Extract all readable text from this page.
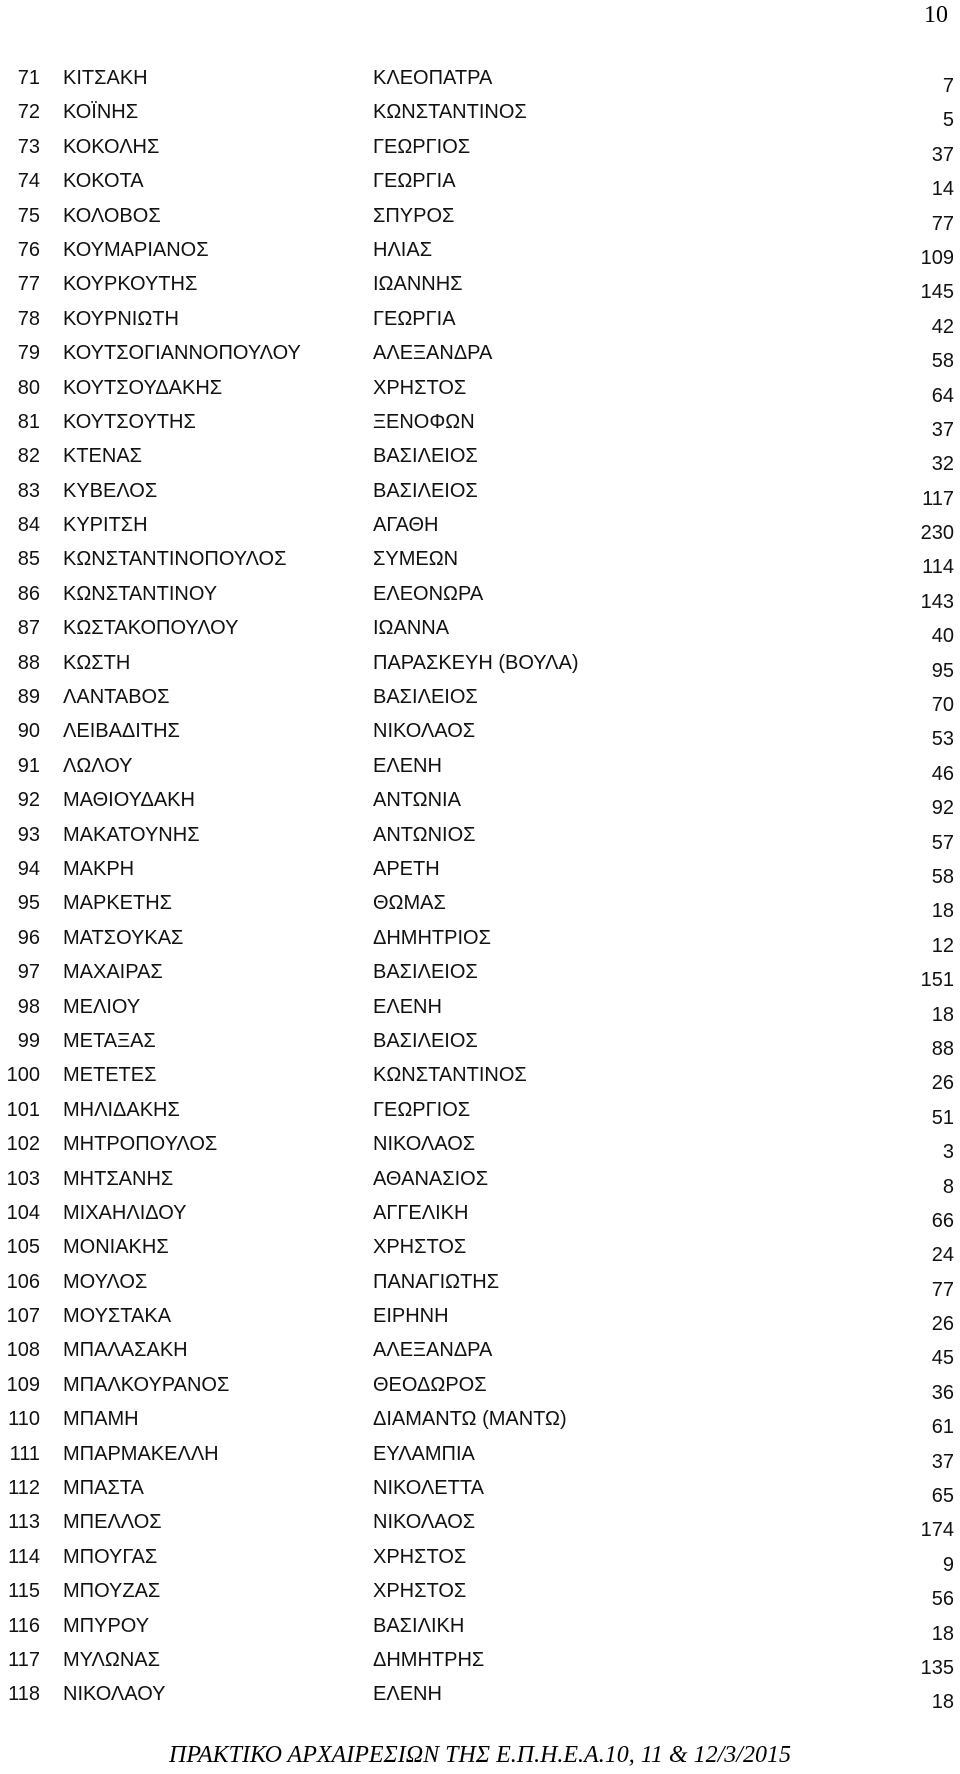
10
71 ΚΙΤΣΑΚΗ	ΚΛΕΟΠΑΤΡΑ	7
72 ΚΟΪΝΗΣ	ΚΩΝΣΤΑΝΤΙΝΟΣ	5
73 ΚΟΚΟΛΗΣ	ΓΕΩΡΓΙΟΣ	37
74 ΚΟΚΟΤΑ	ΓΕΩΡΓΙΑ	14
75 ΚΟΛΟΒΟΣ	ΣΠΥΡΟΣ	77
76 ΚΟΥΜΑΡΙΑΝΟΣ	ΗΛΙΑΣ	109
77 ΚΟΥΡΚΟΥΤΗΣ	ΙΩΑΝΝΗΣ	145
78 ΚΟΥΡΝΙΩΤΗ	ΓΕΩΡΓΙΑ	42
79 ΚΟΥΤΣΟΓΙΑΝΝΟΠΟΥΛΟΥ	ΑΛΕΞΑΝΔΡΑ	58
80 ΚΟΥΤΣΟΥΔΑΚΗΣ	ΧΡΗΣΤΟΣ	64
81 ΚΟΥΤΣΟΥΤΗΣ	ΞΕΝΟΦΩΝ	37
82 ΚΤΕΝΑΣ	ΒΑΣΙΛΕΙΟΣ	32
83 ΚΥΒΕΛΟΣ	ΒΑΣΙΛΕΙΟΣ	117
84 ΚΥΡΙΤΣΗ	ΑΓΑΘΗ	230
85 ΚΩΝΣΤΑΝΤΙΝΟΠΟΥΛΟΣ	ΣΥΜΕΩΝ	114
86 ΚΩΝΣΤΑΝΤΙΝΟΥ	ΕΛΕΟΝΩΡΑ	143
87 ΚΩΣΤΑΚΟΠΟΥΛΟΥ	ΙΩΑΝΝΑ	40
88 ΚΩΣΤΗ	ΠΑΡΑΣΚΕΥΗ (ΒΟΥΛΑ)	95
89 ΛΑΝΤΑΒΟΣ	ΒΑΣΙΛΕΙΟΣ	70
90 ΛΕΙΒΑΔΙΤΗΣ	ΝΙΚΟΛΑΟΣ	53
91 ΛΩΛΟΥ	ΕΛΕΝΗ	46
92 ΜΑΘΙΟΥΔΑΚΗ	ΑΝΤΩΝΙΑ	92
93 ΜΑΚΑΤΟΥΝΗΣ	ΑΝΤΩΝΙΟΣ	57
94 ΜΑΚΡΗ	ΑΡΕΤΗ	58
95 ΜΑΡΚΕΤΗΣ	ΘΩΜΑΣ	18
96 ΜΑΤΣΟΥΚΑΣ	ΔΗΜΗΤΡΙΟΣ	12
97 ΜΑΧΑΙΡΑΣ	ΒΑΣΙΛΕΙΟΣ	151
98 ΜΕΛΙΟΥ	ΕΛΕΝΗ	18
99 ΜΕΤΑΞΑΣ	ΒΑΣΙΛΕΙΟΣ	88
100 ΜΕΤΕΤΕΣ	ΚΩΝΣΤΑΝΤΙΝΟΣ	26
101 ΜΗΛΙΔΑΚΗΣ	ΓΕΩΡΓΙΟΣ	51
102 ΜΗΤΡΟΠΟΥΛΟΣ	ΝΙΚΟΛΑΟΣ	3
103 ΜΗΤΣΑΝΗΣ	ΑΘΑΝΑΣΙΟΣ	8
104 ΜΙΧΑΗΛΙΔΟΥ	ΑΓΓΕΛΙΚΗ	66
105 ΜΟΝΙΑΚΗΣ	ΧΡΗΣΤΟΣ	24
106 ΜΟΥΛΟΣ	ΠΑΝΑΓΙΩΤΗΣ	77
107 ΜΟΥΣΤΑΚΑ	ΕΙΡΗΝΗ	26
108 ΜΠΑΛΑΣΑΚΗ	ΑΛΕΞΑΝΔΡΑ	45
109 ΜΠΑΛΚΟΥΡΑΝΟΣ	ΘΕΟΔΩΡΟΣ	36
110 ΜΠΑΜΗ	ΔΙΑΜΑΝΤΩ (ΜΑΝΤΩ)	61
111 ΜΠΑΡΜΑΚΕΛΛΗ	ΕΥΛΑΜΠΙΑ	37
112 ΜΠΑΣΤΑ	ΝΙΚΟΛΕΤΤΑ	65
113 ΜΠΕΛΛΟΣ	ΝΙΚΟΛΑΟΣ	174
114 ΜΠΟΥΓΑΣ	ΧΡΗΣΤΟΣ	9
115 ΜΠΟΥΖΑΣ	ΧΡΗΣΤΟΣ	56
116 ΜΠΥΡΟΥ	ΒΑΣΙΛΙΚΗ	18
117 ΜΥΛΩΝΑΣ	ΔΗΜΗΤΡΗΣ	135
118 ΝΙΚΟΛΑΟΥ	ΕΛΕΝΗ	18
ΠΡΑΚΤΙΚΟ ΑΡΧΑΙΡΕΣΙΩΝ ΤΗΣ Ε.Π.Η.Ε.Α.10, 11 & 12/3/2015
